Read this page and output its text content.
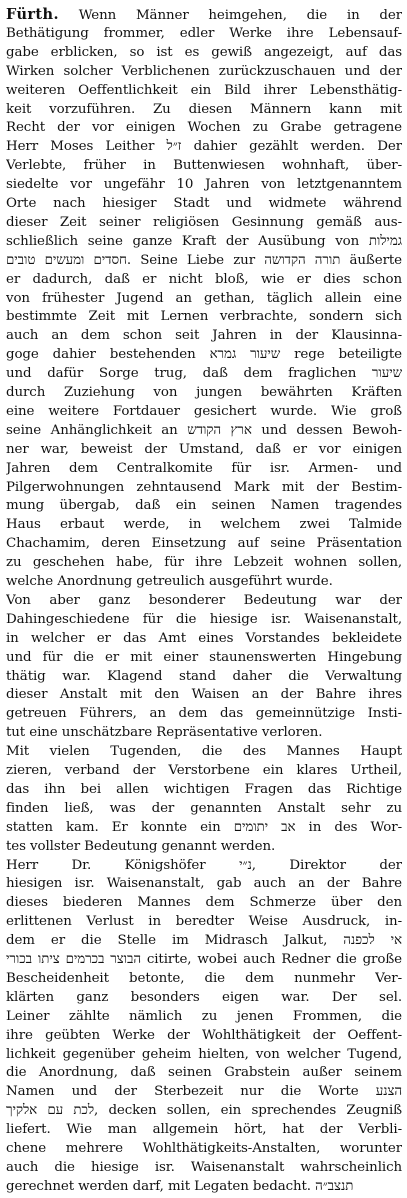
Fürth. Wenn Männer heimgehen, die in der
Bethätigung frommer, edler Werke ihre Lebensauf-
gabe erblicken, so ist es gewiß angezeigt, auf das
Wirken solcher Verblichenen zurückzuschauen und der
weiteren Oeffentlichkeit ein Bild ihrer Lebensthätig-
keit vorzuführen. Zu diesen Männern kann mit
Recht der vor einigen Wochen zu Grabe getragene
Herr Moses Leither ז״ל dahier gezählt werden. Der
Verlebte, früher in Buttenwiesen wohnhaft, über-
siedelte vor ungefähr 10 Jahren von letztgenanntem
Orte nach hiesiger Stadt und widmete während
dieser Zeit seiner religiösen Gesinnung gemäß aus-
schließlich seine ganze Kraft der Ausübung von גמילות
חסדים ומעשים טובים. Seine Liebe zur תורה הקדושה äußerte
er dadurch, daß er nicht bloß, wie er dies schon
von frühester Jugend an gethan, täglich allein eine
bestimmte Zeit mit Lernen verbrachte, sondern sich
auch an dem schon seit Jahren in der Klausinna-
goge dahier bestehenden שיעור גמרא rege beteiligte
und dafür Sorge trug, daß dem fraglichen שיעור
durch Zuziehung von jungen bewährten Kräften
eine weitere Fortdauer gesichert wurde. Wie groß
seine Anhänglichkeit an ארץ הקודש und dessen Bewoh-
ner war, beweist der Umstand, daß er vor einigen
Jahren dem Centralkomite für isr. Armen- und
Pilgerwohnungen zehntausend Mark mit der Bestim-
mung übergab, daß ein seinen Namen tragendes
Haus erbaut werde, in welchem zwei Talmide
Chachamim, deren Einsetzung auf seine Präsentation
zu geschehen habe, für ihre Lebzeit wohnen sollen,
welche Anordnung getreulich ausgeführt wurde.
Von aber ganz besonderer Bedeutung war der
Dahingeschiedene für die hiesige isr. Waisenanstalt,
in welcher er das Amt eines Vorstandes bekleidete
und für die er mit einer staunenswerten Hingebung
thätig war. Klagend stand daher die Verwaltung
dieser Anstalt mit den Waisen an der Bahre ihres
getreuen Führers, an dem das gemeinnützige Insti-
tut eine unschätzbare Repräsentative verloren.
Mit vielen Tugenden, die des Mannes Haupt
zieren, verband der Verstorbene ein klares Urtheil,
das ihn bei allen wichtigen Fragen das Richtige
finden ließ, was der genannten Anstalt sehr zu
statten kam. Er konnte ein אב יתומים in des Wor-
tes vollster Bedeutung genannt werden.
Herr Dr. Königshöfer נ״י, Direktor der
hiesigen isr. Waisenanstalt, gab auch an der Bahre
dieses biederen Mannes dem Schmerze über den
erlittenen Verlust in beredter Weise Ausdruck, in-
dem er die Stelle im Midrasch Jalkut, אי לכפנה
הבוצר בכרמים ציתו בכורי citirte, wobei auch Redner die große
Bescheidenheit betonte, die dem nunmehr Ver-
klärten ganz besonders eigen war. Der sel.
Leiner zählte nämlich zu jenen Frommen, die
ihre geübten Werke der Wohlthätigkeit der Oeffent-
lichkeit gegenüber geheim hielten, von welcher Tugend,
die Anordnung, daß seinen Grabstein außer seinem
Namen und der Sterbezeit nur die Worte הצנע
לכת עם אלקיך, decken sollen, ein sprechendes Zeugniß
liefert. Wie man allgemein hört, hat der Verbli-
chene mehrere Wohlthätigkeits-Anstalten, worunter
auch die hiesige isr. Waisenanstalt wahrscheinlich
gerechnet werden darf, mit Legaten bedacht. תנצב״ה
